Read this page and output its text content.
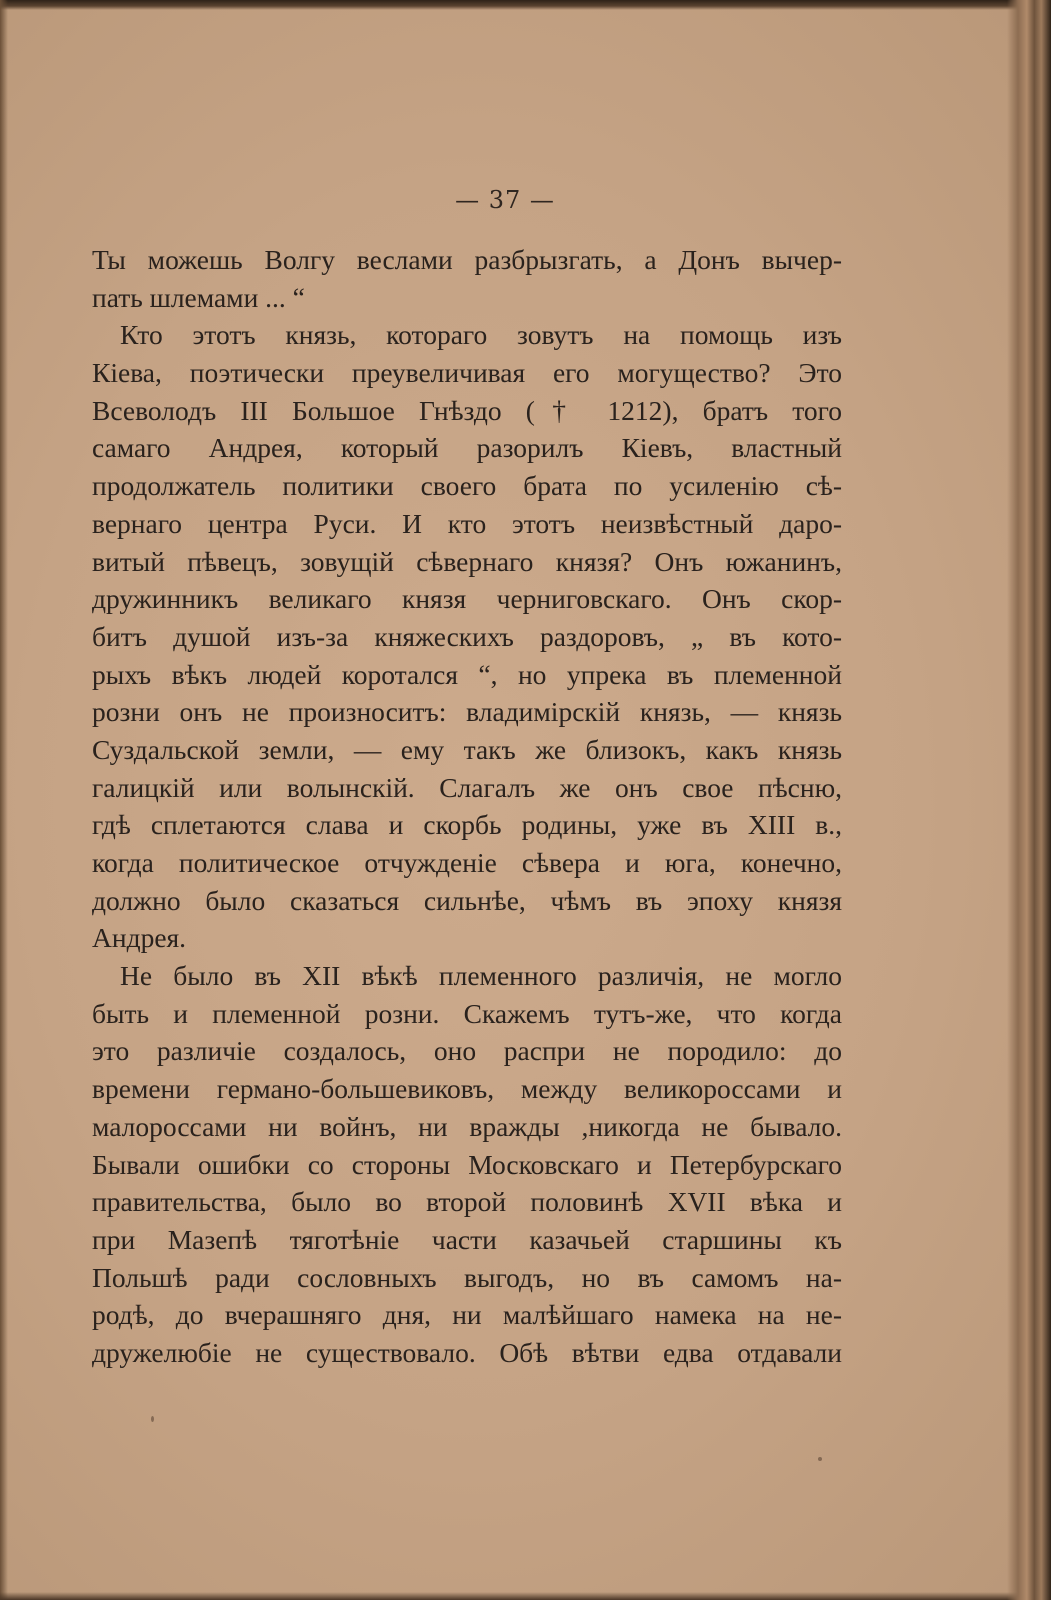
— 37 —
Ты можешь Волгу веслами разбрызгать, а Донъ вычер-
пать шлемами ... “
Кто этотъ князь, котораго зовутъ на помощь изъ
Кіева, поэтически преувеличивая его могущество? Это
Всеволодъ III Большое Гнѣздо († 1212), братъ того
самаго Андрея, который разорилъ Кіевъ, властный
продолжатель политики своего брата по усиленію сѣ-
вернаго центра Руси. И кто этотъ неизвѣстный даро-
витый пѣвецъ, зовущій сѣвернаго князя? Онъ южанинъ,
дружинникъ великаго князя черниговскаго. Онъ скор-
битъ душой изъ-за княжескихъ раздоровъ, „ въ кото-
рыхъ вѣкъ людей коротался “, но упрека въ племенной
розни онъ не произноситъ: владимірскій князь, — князь
Суздальской земли, — ему такъ же близокъ, какъ князь
галицкій или волынскій. Слагалъ же онъ свое пѣсню,
гдѣ сплетаются слава и скорбь родины, уже въ XIII в.,
когда политическое отчужденіе сѣвера и юга, конечно,
должно было сказаться сильнѣе, чѣмъ въ эпоху князя
Андрея.
Не было въ XII вѣкѣ племенного различія, не могло
быть и племенной розни. Скажемъ тутъ-же, что когда
это различіе создалось, оно распри не породило: до
времени германо-большевиковъ, между великороссами и
малороссами ни войнъ, ни вражды ,никогда не бывало.
Бывали ошибки со стороны Московскаго и Петербурскаго
правительства, было во второй половинѣ XVII вѣка и
при Мазепѣ тяготѣніе части казачьей старшины къ
Польшѣ ради сословныхъ выгодъ, но въ самомъ на-
родѣ, до вчерашняго дня, ни малѣйшаго намека на не-
дружелюбіе не существовало. Обѣ вѣтви едва отдавали
